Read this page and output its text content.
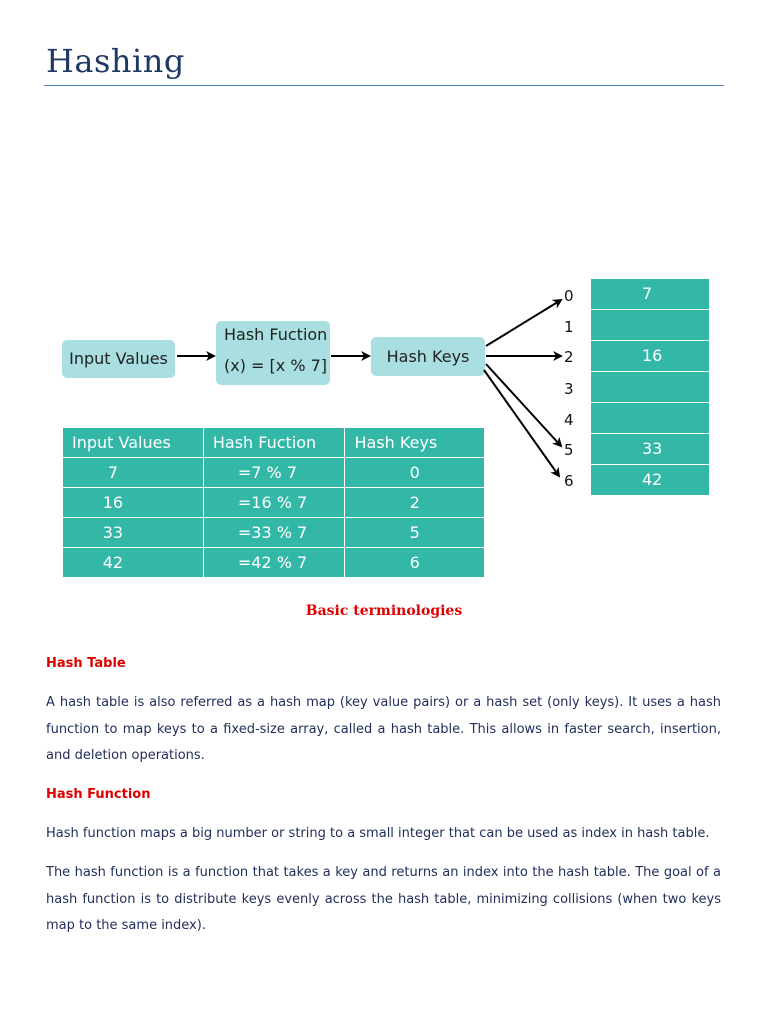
Hashing
Input Values
Hash Fuction
(x) = [x % 7]	Hash Keys
0
1
2
3
4
5
6
7
16
33
42
Input Values	Hash Fuction	Hash Keys
7	=7 % 7	0
16	=16 % 7	2
33	=33 % 7	5
42	=42 % 7	6
Basic terminologies
Hash Table
A hash table is also referred as a hash map (key value pairs) or a hash set (only keys). It uses a hash function to map keys to a fixed-size array, called a hash table. This allows in faster search, insertion, and deletion operations.
Hash Function
Hash function maps a big number or string to a small integer that can be used as index in hash table.
The hash function is a function that takes a key and returns an index into the hash table. The goal of a hash function is to distribute keys evenly across the hash table, minimizing collisions (when two keys map to the same index).
